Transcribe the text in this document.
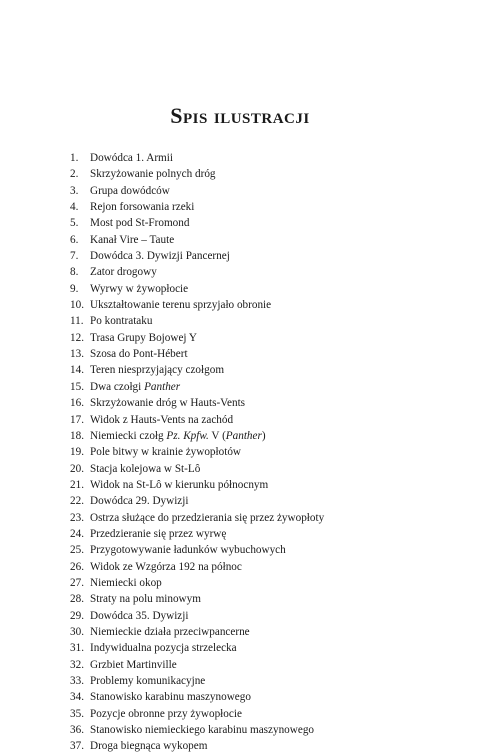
Spis ilustracji
1. Dowódca 1. Armii
2. Skrzyżowanie polnych dróg
3. Grupa dowódców
4. Rejon forsowania rzeki
5. Most pod St-Fromond
6. Kanał Vire – Taute
7. Dowódca 3. Dywizji Pancernej
8. Zator drogowy
9. Wyrwy w żywopłocie
10. Ukształtowanie terenu sprzyjało obronie
11. Po kontrataku
12. Trasa Grupy Bojowej Y
13. Szosa do Pont-Hébert
14. Teren niesprzyjający czołgom
15. Dwa czołgi Panther
16. Skrzyżowanie dróg w Hauts-Vents
17. Widok z Hauts-Vents na zachód
18. Niemiecki czołg Pz. Kpfw. V (Panther)
19. Pole bitwy w krainie żywopłotów
20. Stacja kolejowa w St-Lô
21. Widok na St-Lô w kierunku północnym
22. Dowódca 29. Dywizji
23. Ostrza służące do przedzierania się przez żywopłoty
24. Przedzieranie się przez wyrwę
25. Przygotowywanie ładunków wybuchowych
26. Widok ze Wzgórza 192 na północ
27. Niemiecki okop
28. Straty na polu minowym
29. Dowódca 35. Dywizji
30. Niemieckie działa przeciwpancerne
31. Indywidualna pozycja strzelecka
32. Grzbiet Martinville
33. Problemy komunikacyjne
34. Stanowisko karabinu maszynowego
35. Pozycje obronne przy żywopłocie
36. Stanowisko niemieckiego karabinu maszynowego
37. Droga biegnąca wykopem
